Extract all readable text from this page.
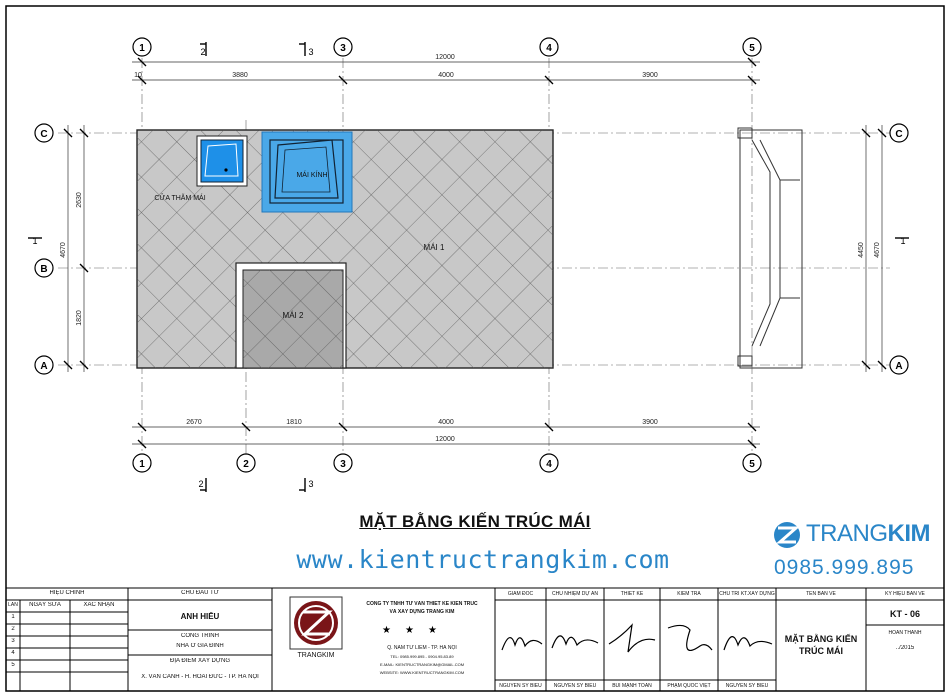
12000
3880	4000	3900
10
2670	1810	4000	3900
12000
4670
2630
1820
4450 4670
MÁI 1
MÁI 2
MÁI KÍNH
CỬA THĂM MÁI
1	3	4	5
1	2	3	4	5
C
B
A
C
A
2	3
2	3
1	1
★ ★ ★
MẶT BẰNG KIẾN TRÚC MÁI
www.kientructrangkim.com
TRANGKIM
0985.999.895
HIỆU CHỈNH
LẦN	NGÀY SỬA	XÁC NHẬN
1
2
3
4
5
CHỦ ĐẦU TƯ
ANH HIẾU
CÔNG TRÌNH
NHÀ Ở GIA ĐÌNH
ĐỊA ĐIỂM XÂY DỰNG
X. VÂN CANH - H. HOÀI ĐỨC - TP. HÀ NỘI
TRANGKIM
CÔNG TY TNHH TƯ VẤN THIẾT KẾ KIẾN TRÚC
VÀ XÂY DỰNG TRANG KIM
Q. NAM TỪ LIÊM - TP. HÀ NỘI
TEL: 0985.999.895 - 0904.95.83.89
E-MAIL: KIENTRUCTRANGKIM@GMAIL.COM
WEBSITE: WWW.KIENTRUCTRANGKIM.COM
GIÁM ĐỐC	CHỦ NHIỆM DỰ ÁN	THIẾT KẾ	KIỂM TRA	CHỦ TRÌ KT.XÂY DỰNG
NGUYỄN SỸ BIỂU	NGUYỄN SỸ BIỂU	BÙI MẠNH TOÀN	PHẠM QUỐC VIỆT	NGUYỄN SỸ BIỂU
TÊN BẢN VẼ
MẶT BẰNG KIẾN TRÚC MÁI
KÝ HIỆU BẢN VẼ
KT - 06
HOÀN THÀNH
../2015
